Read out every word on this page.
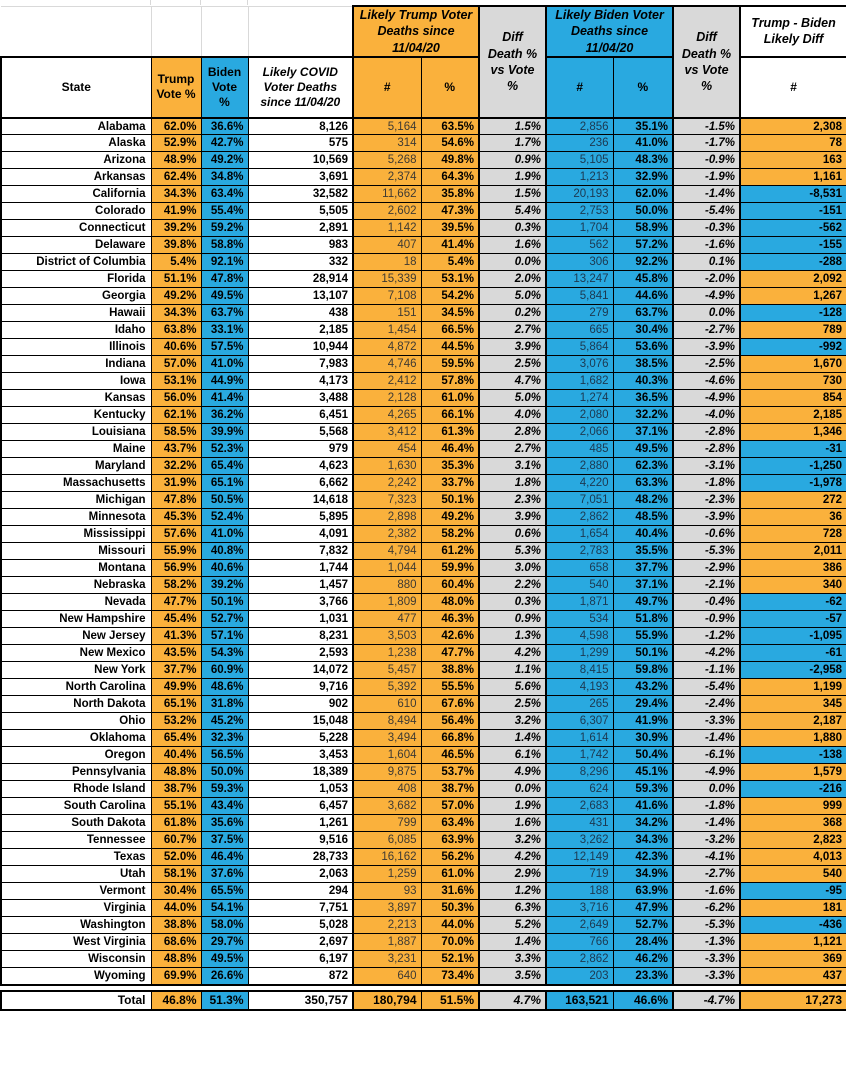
				Likely Trump Voter Deaths since 11/04/20		Diff Death % vs Vote %	Likely Biden Voter Deaths since 11/04/20		Diff Death % vs Vote %	Trump - Biden Likely Diff
State	Trump Vote %	Biden Vote %	Likely COVID Voter Deaths since 11/04/20	#	%		#	%		#
Alabama	62.0%	36.6%	8,126	5,164	63.5%	1.5%	2,856	35.1%	-1.5%	2,308
Alaska	52.9%	42.7%	575	314	54.6%	1.7%	236	41.0%	-1.7%	78
Arizona	48.9%	49.2%	10,569	5,268	49.8%	0.9%	5,105	48.3%	-0.9%	163
Arkansas	62.4%	34.8%	3,691	2,374	64.3%	1.9%	1,213	32.9%	-1.9%	1,161
California	34.3%	63.4%	32,582	11,662	35.8%	1.5%	20,193	62.0%	-1.4%	-8,531
Colorado	41.9%	55.4%	5,505	2,602	47.3%	5.4%	2,753	50.0%	-5.4%	-151
Connecticut	39.2%	59.2%	2,891	1,142	39.5%	0.3%	1,704	58.9%	-0.3%	-562
Delaware	39.8%	58.8%	983	407	41.4%	1.6%	562	57.2%	-1.6%	-155
District of Columbia	5.4%	92.1%	332	18	5.4%	0.0%	306	92.2%	0.1%	-288
Florida	51.1%	47.8%	28,914	15,339	53.1%	2.0%	13,247	45.8%	-2.0%	2,092
Georgia	49.2%	49.5%	13,107	7,108	54.2%	5.0%	5,841	44.6%	-4.9%	1,267
Hawaii	34.3%	63.7%	438	151	34.5%	0.2%	279	63.7%	0.0%	-128
Idaho	63.8%	33.1%	2,185	1,454	66.5%	2.7%	665	30.4%	-2.7%	789
Illinois	40.6%	57.5%	10,944	4,872	44.5%	3.9%	5,864	53.6%	-3.9%	-992
Indiana	57.0%	41.0%	7,983	4,746	59.5%	2.5%	3,076	38.5%	-2.5%	1,670
Iowa	53.1%	44.9%	4,173	2,412	57.8%	4.7%	1,682	40.3%	-4.6%	730
Kansas	56.0%	41.4%	3,488	2,128	61.0%	5.0%	1,274	36.5%	-4.9%	854
Kentucky	62.1%	36.2%	6,451	4,265	66.1%	4.0%	2,080	32.2%	-4.0%	2,185
Louisiana	58.5%	39.9%	5,568	3,412	61.3%	2.8%	2,066	37.1%	-2.8%	1,346
Maine	43.7%	52.3%	979	454	46.4%	2.7%	485	49.5%	-2.8%	-31
Maryland	32.2%	65.4%	4,623	1,630	35.3%	3.1%	2,880	62.3%	-3.1%	-1,250
Massachusetts	31.9%	65.1%	6,662	2,242	33.7%	1.8%	4,220	63.3%	-1.8%	-1,978
Michigan	47.8%	50.5%	14,618	7,323	50.1%	2.3%	7,051	48.2%	-2.3%	272
Minnesota	45.3%	52.4%	5,895	2,898	49.2%	3.9%	2,862	48.5%	-3.9%	36
Mississippi	57.6%	41.0%	4,091	2,382	58.2%	0.6%	1,654	40.4%	-0.6%	728
Missouri	55.9%	40.8%	7,832	4,794	61.2%	5.3%	2,783	35.5%	-5.3%	2,011
Montana	56.9%	40.6%	1,744	1,044	59.9%	3.0%	658	37.7%	-2.9%	386
Nebraska	58.2%	39.2%	1,457	880	60.4%	2.2%	540	37.1%	-2.1%	340
Nevada	47.7%	50.1%	3,766	1,809	48.0%	0.3%	1,871	49.7%	-0.4%	-62
New Hampshire	45.4%	52.7%	1,031	477	46.3%	0.9%	534	51.8%	-0.9%	-57
New Jersey	41.3%	57.1%	8,231	3,503	42.6%	1.3%	4,598	55.9%	-1.2%	-1,095
New Mexico	43.5%	54.3%	2,593	1,238	47.7%	4.2%	1,299	50.1%	-4.2%	-61
New York	37.7%	60.9%	14,072	5,457	38.8%	1.1%	8,415	59.8%	-1.1%	-2,958
North Carolina	49.9%	48.6%	9,716	5,392	55.5%	5.6%	4,193	43.2%	-5.4%	1,199
North Dakota	65.1%	31.8%	902	610	67.6%	2.5%	265	29.4%	-2.4%	345
Ohio	53.2%	45.2%	15,048	8,494	56.4%	3.2%	6,307	41.9%	-3.3%	2,187
Oklahoma	65.4%	32.3%	5,228	3,494	66.8%	1.4%	1,614	30.9%	-1.4%	1,880
Oregon	40.4%	56.5%	3,453	1,604	46.5%	6.1%	1,742	50.4%	-6.1%	-138
Pennsylvania	48.8%	50.0%	18,389	9,875	53.7%	4.9%	8,296	45.1%	-4.9%	1,579
Rhode Island	38.7%	59.3%	1,053	408	38.7%	0.0%	624	59.3%	0.0%	-216
South Carolina	55.1%	43.4%	6,457	3,682	57.0%	1.9%	2,683	41.6%	-1.8%	999
South Dakota	61.8%	35.6%	1,261	799	63.4%	1.6%	431	34.2%	-1.4%	368
Tennessee	60.7%	37.5%	9,516	6,085	63.9%	3.2%	3,262	34.3%	-3.2%	2,823
Texas	52.0%	46.4%	28,733	16,162	56.2%	4.2%	12,149	42.3%	-4.1%	4,013
Utah	58.1%	37.6%	2,063	1,259	61.0%	2.9%	719	34.9%	-2.7%	540
Vermont	30.4%	65.5%	294	93	31.6%	1.2%	188	63.9%	-1.6%	-95
Virginia	44.0%	54.1%	7,751	3,897	50.3%	6.3%	3,716	47.9%	-6.2%	181
Washington	38.8%	58.0%	5,028	2,213	44.0%	5.2%	2,649	52.7%	-5.3%	-436
West Virginia	68.6%	29.7%	2,697	1,887	70.0%	1.4%	766	28.4%	-1.3%	1,121
Wisconsin	48.8%	49.5%	6,197	3,231	52.1%	3.3%	2,862	46.2%	-3.3%	369
Wyoming	69.9%	26.6%	872	640	73.4%	3.5%	203	23.3%	-3.3%	437
Total	46.8%	51.3%	350,757	180,794	51.5%	4.7%	163,521	46.6%	-4.7%	17,273
